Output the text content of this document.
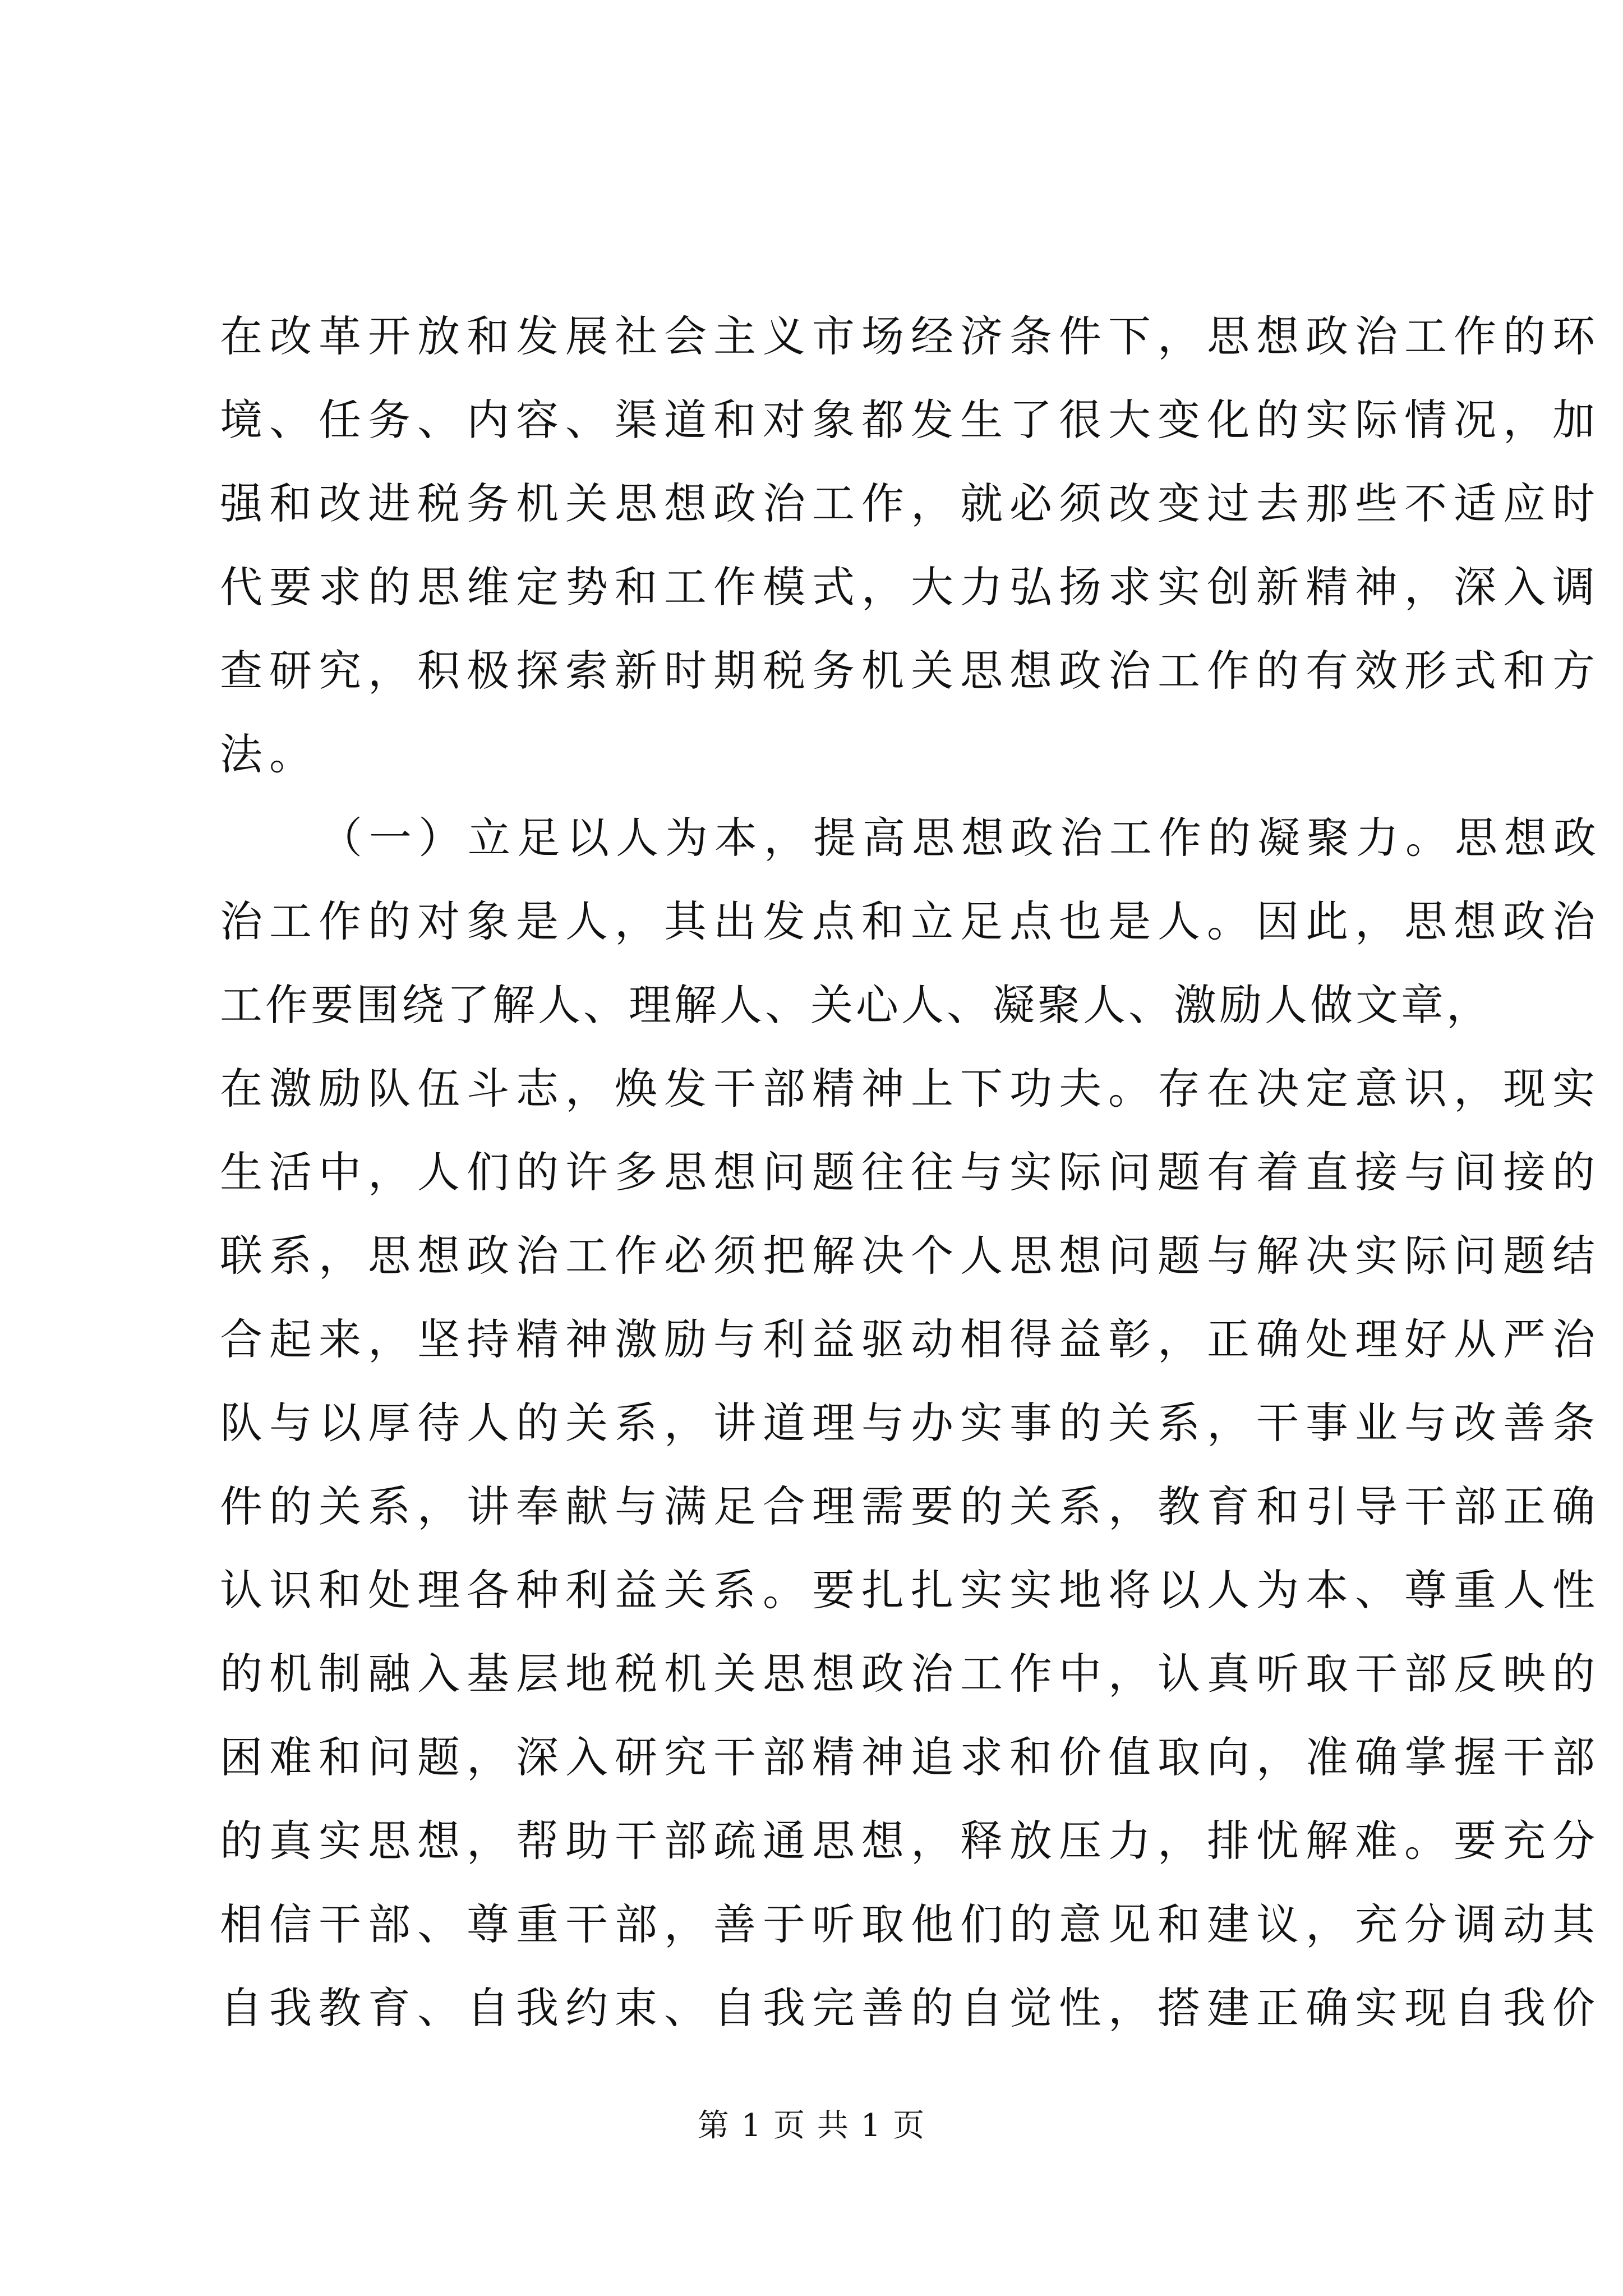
在改革开放和发展社会主义市场经济条件下，思想政治工作的环
境、任务、内容、渠道和对象都发生了很大变化的实际情况，加
强和改进税务机关思想政治工作，就必须改变过去那些不适应时
代要求的思维定势和工作模式，大力弘扬求实创新精神，深入调
查研究，积极探索新时期税务机关思想政治工作的有效形式和方
法。
（一）立足以人为本，提高思想政治工作的凝聚力。思想政
治工作的对象是人，其出发点和立足点也是人。因此，思想政治
工作要围绕了解人、理解人、关心人、凝聚人、激励人做文章，
在激励队伍斗志，焕发干部精神上下功夫。存在决定意识，现实
生活中，人们的许多思想问题往往与实际问题有着直接与间接的
联系，思想政治工作必须把解决个人思想问题与解决实际问题结
合起来，坚持精神激励与利益驱动相得益彰，正确处理好从严治
队与以厚待人的关系，讲道理与办实事的关系，干事业与改善条
件的关系，讲奉献与满足合理需要的关系，教育和引导干部正确
认识和处理各种利益关系。要扎扎实实地将以人为本、尊重人性
的机制融入基层地税机关思想政治工作中，认真听取干部反映的
困难和问题，深入研究干部精神追求和价值取向，准确掌握干部
的真实思想，帮助干部疏通思想，释放压力，排忧解难。要充分
相信干部、尊重干部，善于听取他们的意见和建议，充分调动其
自我教育、自我约束、自我完善的自觉性，搭建正确实现自我价
第 1 页 共 1 页
